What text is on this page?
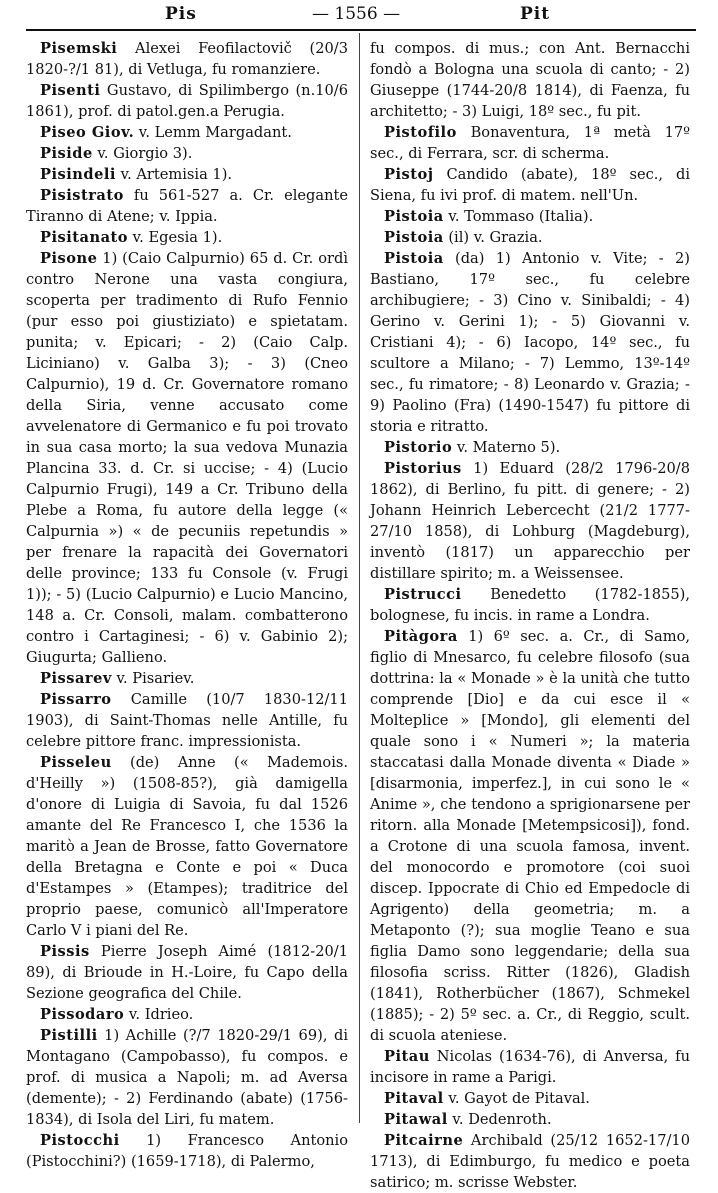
Pis	— 1556 —	Pit

Pisemski Alexei Feofilactovič (20/3 1820-?/1 81), di Vetluga, fu romanziere.

Pisenti Gustavo, di Spilimbergo (n.10/6 1861), prof. di patol.gen.a Perugia.

Piseo Giov. v. Lemm Margadant.

Piside v. Giorgio 3).

Pisindeli v. Artemisia 1).

Pisistrato fu 561-527 a. Cr. elegante Tiranno di Atene; v. Ippia.

Pisitanato v. Egesia 1).

Pisone 1) (Caio Calpurnio) 65 d. Cr. ordì contro Nerone una vasta congiura, scoperta per tradimento di Rufo Fennio (pur esso poi giustiziato) e spietatam. punita; v. Epicari; - 2) (Caio Calp. Liciniano) v. Galba 3); - 3) (Cneo Calpurnio), 19 d. Cr. Governatore romano della Siria, venne accusato come avvelenatore di Germanico e fu poi trovato in sua casa morto; la sua vedova Munazia Plancina 33. d. Cr. si uccise; - 4) (Lucio Calpurnio Frugi), 149 a Cr. Tribuno della Plebe a Roma, fu autore della legge (« Calpurnia ») « de pecuniis repetundis » per frenare la rapacità dei Governatori delle province; 133 fu Console (v. Frugi 1)); - 5) (Lucio Calpurnio) e Lucio Mancino, 148 a. Cr. Consoli, malam. combatterono contro i Cartaginesi; - 6) v. Gabinio 2); Giugurta; Gallieno.

Pissarev v. Pisariev.

Pissarro Camille (10/7 1830-12/11 1903), di Saint-Thomas nelle Antille, fu celebre pittore franc. impressionista.

Pisseleu (de) Anne (« Mademois. d'Heilly ») (1508-85?), già damigella d'onore di Luigia di Savoia, fu dal 1526 amante del Re Francesco I, che 1536 la maritò a Jean de Brosse, fatto Governatore della Bretagna e Conte e poi « Duca d'Estampes » (Etampes); traditrice del proprio paese, comunicò all'Imperatore Carlo V i piani del Re.

Pissis Pierre Joseph Aimé (1812-20/1 89), di Brioude in H.-Loire, fu Capo della Sezione geografica del Chile.

Pissodaro v. Idrieo.

Pistilli 1) Achille (?/7 1820-29/1 69), di Montagano (Campobasso), fu compos. e prof. di musica a Napoli; m. ad Aversa (demente); - 2) Ferdinando (abate) (1756-1834), di Isola del Liri, fu matem.

Pistocchi 1) Francesco Antonio (Pistocchini?) (1659-1718), di Palermo,

fu compos. di mus.; con Ant. Bernacchi fondò a Bologna una scuola di canto; - 2) Giuseppe (1744-20/8 1814), di Faenza, fu architetto; - 3) Luigi, 18º sec., fu pit.

Pistofilo Bonaventura, 1ª metà 17º sec., di Ferrara, scr. di scherma.

Pistoj Candido (abate), 18º sec., di Siena, fu ivi prof. di matem. nell'Un.

Pistoia v. Tommaso (Italia).

Pistoia (il) v. Grazia.

Pistoia (da) 1) Antonio v. Vite; - 2) Bastiano, 17º sec., fu celebre archibugiere; - 3) Cino v. Sinibaldi; - 4) Gerino v. Gerini 1); - 5) Giovanni v. Cristiani 4); - 6) Iacopo, 14º sec., fu scultore a Milano; - 7) Lemmo, 13º-14º sec., fu rimatore; - 8) Leonardo v. Grazia; - 9) Paolino (Fra) (1490-1547) fu pittore di storia e ritratto.

Pistorio v. Materno 5).

Pistorius 1) Eduard (28/2 1796-20/8 1862), di Berlino, fu pitt. di genere; - 2) Johann Heinrich Lebercecht (21/2 1777-27/10 1858), di Lohburg (Magdeburg), inventò (1817) un apparecchio per distillare spirito; m. a Weissensee.

Pistrucci Benedetto (1782-1855), bolognese, fu incis. in rame a Londra.

Pitàgora 1) 6º sec. a. Cr., di Samo, figlio di Mnesarco, fu celebre filosofo (sua dottrina: la « Monade » è la unità che tutto comprende [Dio] e da cui esce il « Molteplice » [Mondo], gli elementi del quale sono i « Numeri »; la materia staccatasi dalla Monade diventa « Diade » [disarmonia, imperfez.], in cui sono le « Anime », che tendono a sprigionarsene per ritorn. alla Monade [Metempsicosi]), fond. a Crotone di una scuola famosa, invent. del monocordo e promotore (coi suoi discep. Ippocrate di Chio ed Empedocle di Agrigento) della geometria; m. a Metaponto (?); sua moglie Teano e sua figlia Damo sono leggendarie; della sua filosofia scriss. Ritter (1826), Gladish (1841), Rotherbücher (1867), Schmekel (1885); - 2) 5º sec. a. Cr., di Reggio, scult. di scuola ateniese.

Pitau Nicolas (1634-76), di Anversa, fu incisore in rame a Parigi.

Pitaval v. Gayot de Pitaval.

Pitawal v. Dedenroth.

Pitcairne Archibald (25/12 1652-17/10 1713), di Edimburgo, fu medico e poeta satirico; m. scrisse Webster.
